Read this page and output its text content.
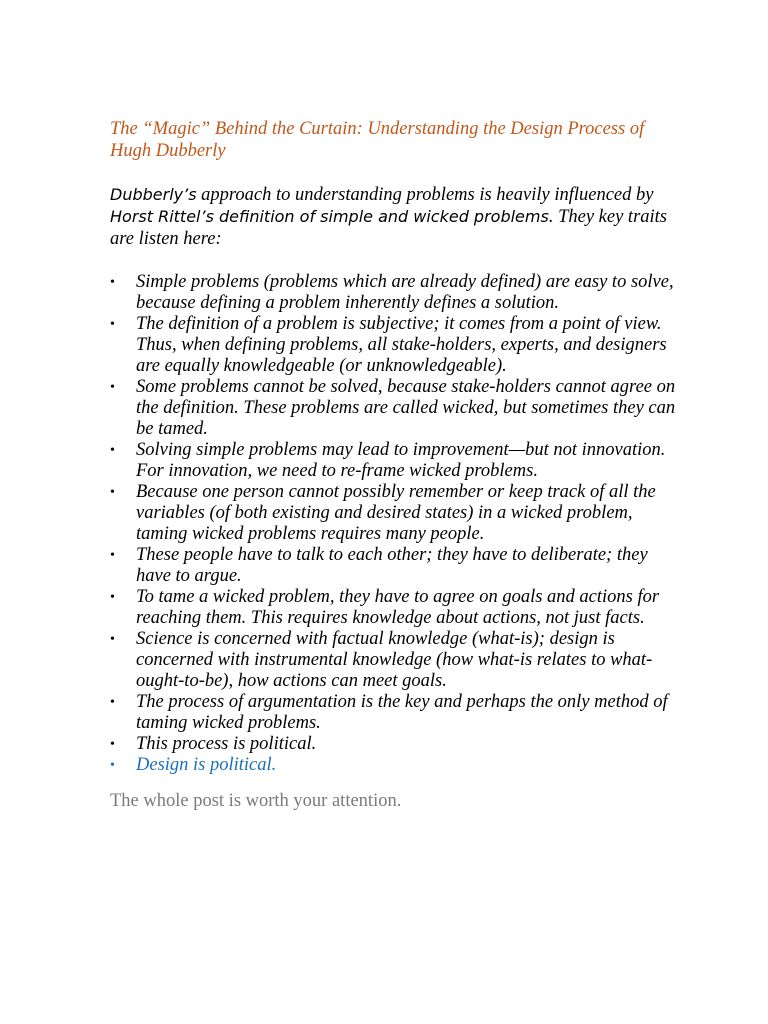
The “Magic” Behind the Curtain: Understanding the Design Process of Hugh Dubberly

Dubberly’s approach to understanding problems is heavily influenced by Horst Rittel’s definition of simple and wicked problems. They key traits are listen here:

•	Simple problems (problems which are already defined) are easy to solve, because defining a problem inherently defines a solution.
•	The definition of a problem is subjective; it comes from a point of view. Thus, when defining problems, all stake-holders, experts, and designers are equally knowledgeable (or unknowledgeable).
•	Some problems cannot be solved, because stake-holders cannot agree on the definition. These problems are called wicked, but sometimes they can be tamed.
•	Solving simple problems may lead to improvement—but not innovation. For innovation, we need to re-frame wicked problems.
•	Because one person cannot possibly remember or keep track of all the variables (of both existing and desired states) in a wicked problem, taming wicked problems requires many people.
•	These people have to talk to each other; they have to deliberate; they have to argue.
•	To tame a wicked problem, they have to agree on goals and actions for reaching them. This requires knowledge about actions, not just facts.
•	Science is concerned with factual knowledge (what-is); design is concerned with instrumental knowledge (how what-is relates to what-ought-to-be), how actions can meet goals.
•	The process of argumentation is the key and perhaps the only method of taming wicked problems.
•	This process is political.
•	Design is political.

The whole post is worth your attention.
